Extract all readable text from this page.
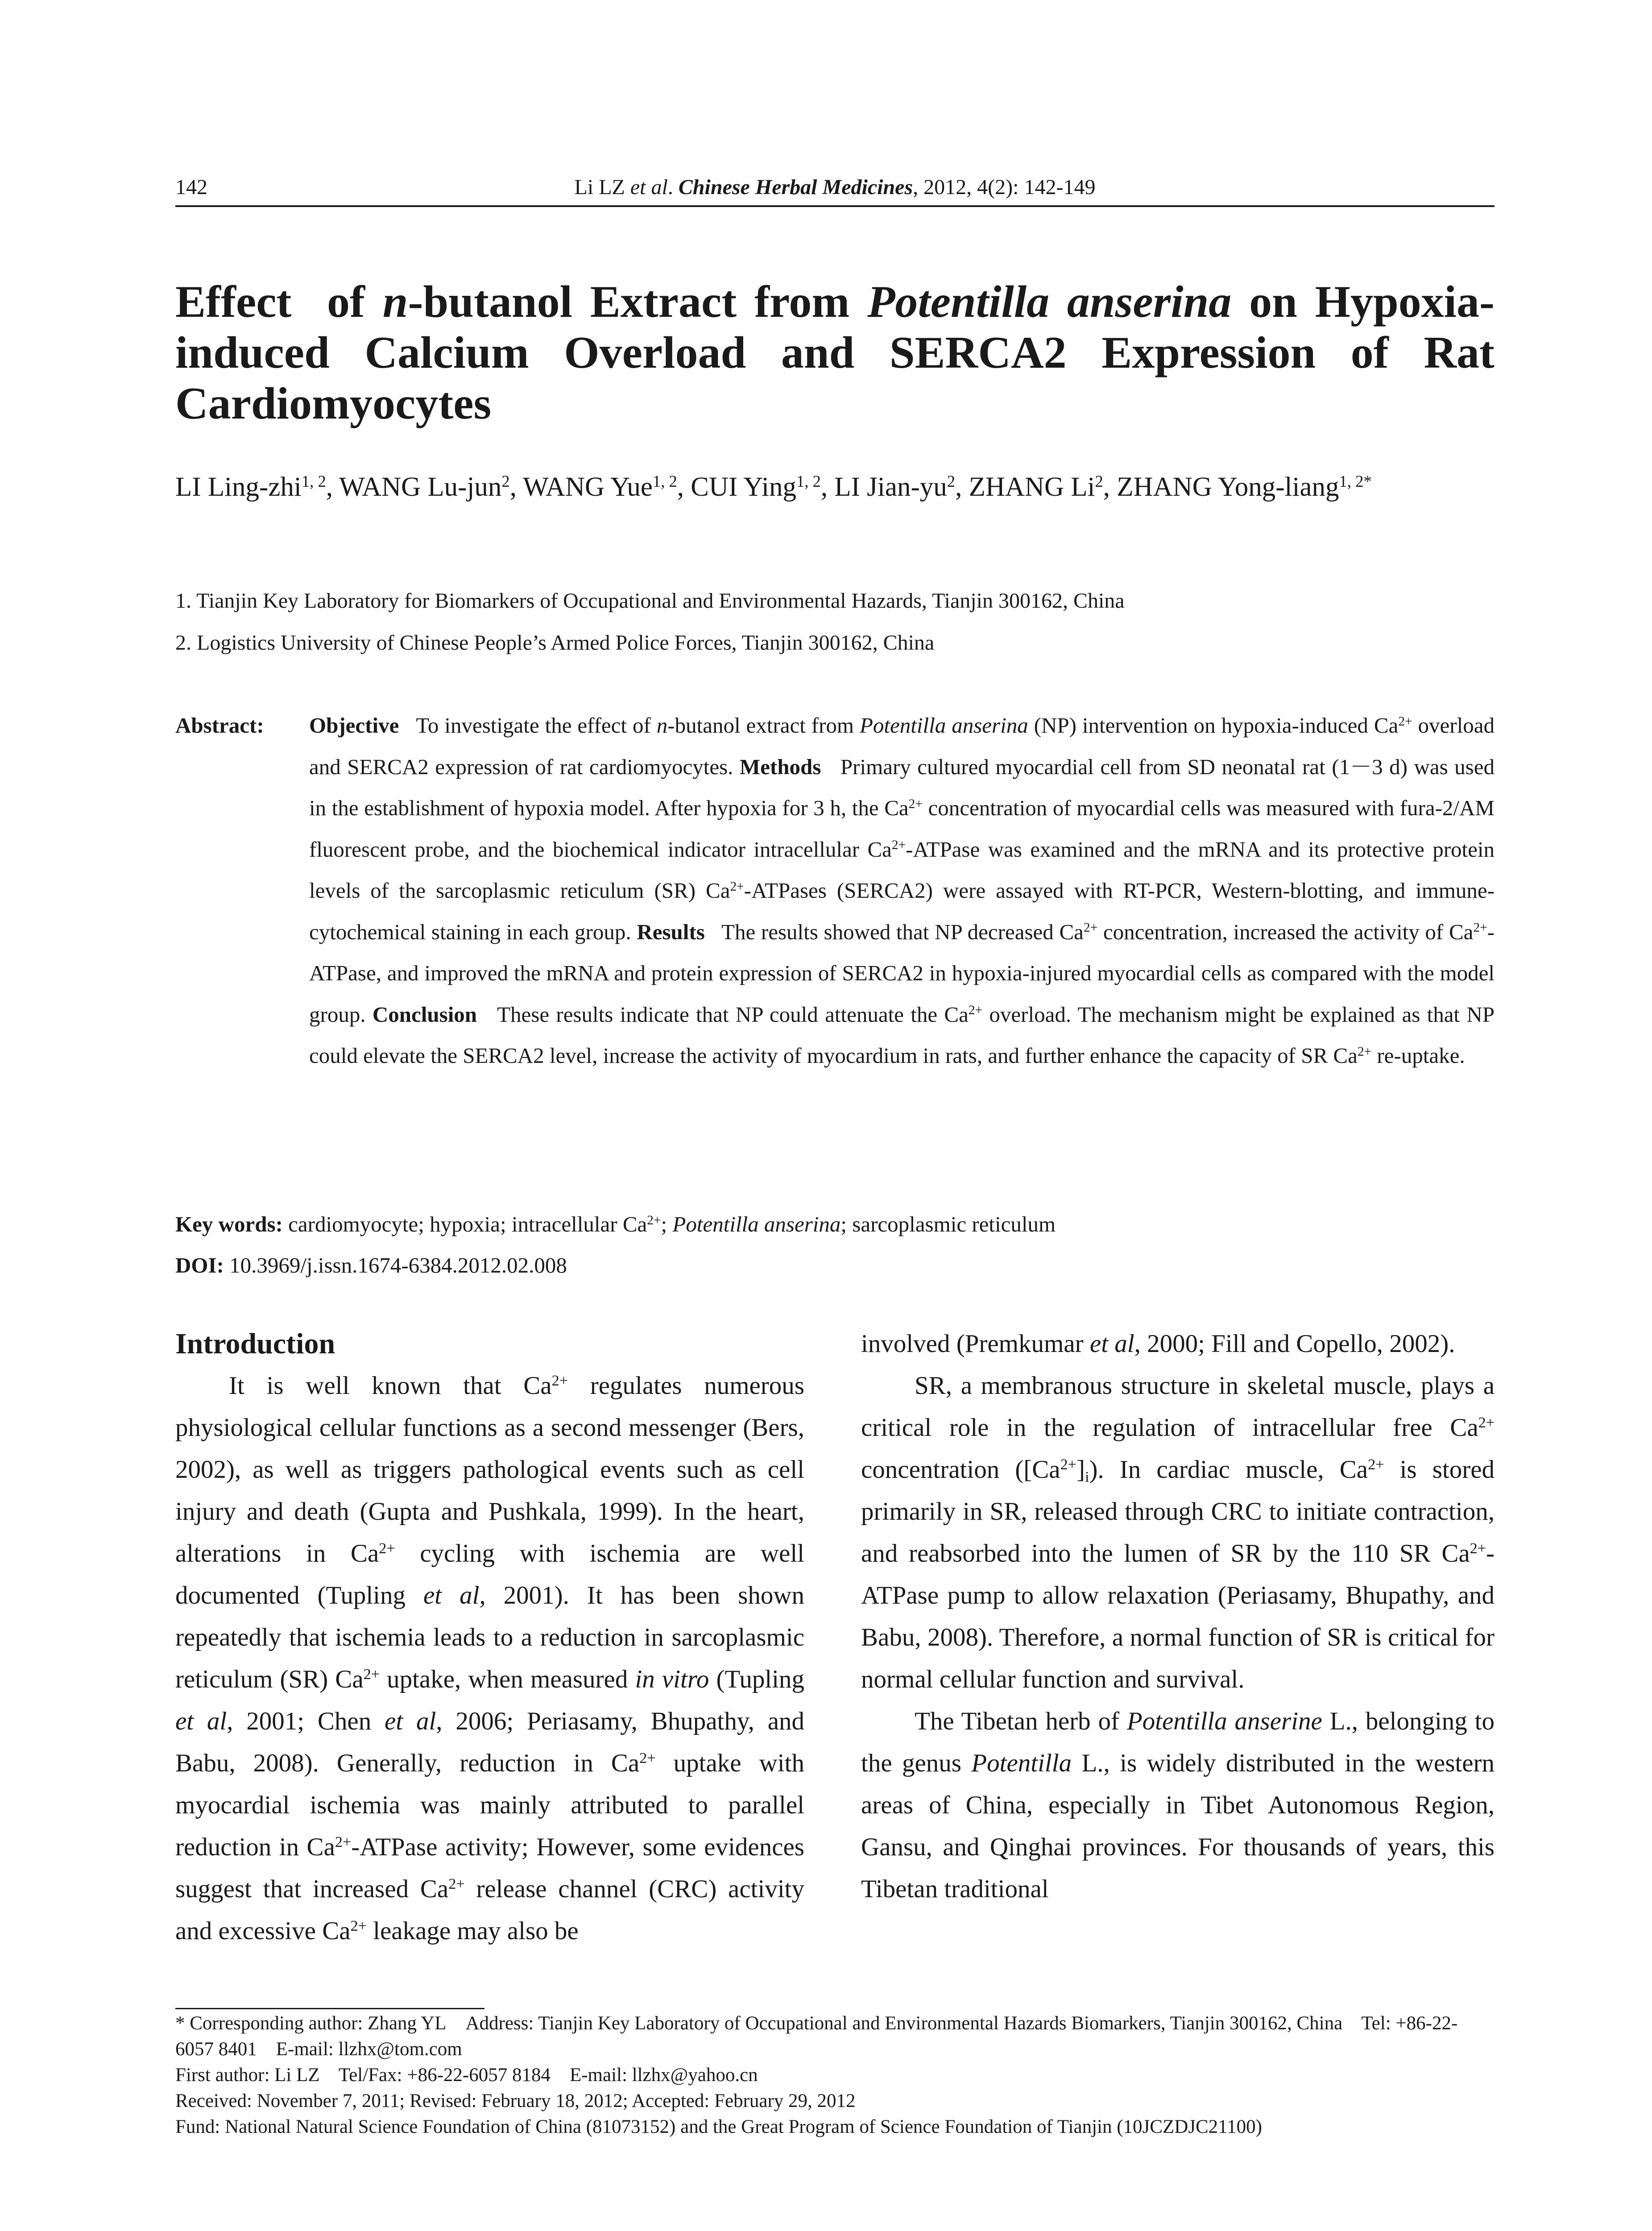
142	Li LZ et al. Chinese Herbal Medicines, 2012, 4(2): 142-149
Effect  of n-butanol Extract from Potentilla anserina on Hypoxia-
induced Calcium Overload and SERCA2 Expression of Rat
Cardiomyocytes
LI Ling-zhi$^{1, 2}$, WANG Lu-jun$^2$, WANG Yue$^{1, 2}$, CUI Ying$^{1, 2}$, LI Jian-$yu^2$, ZHANG Li$^2$, ZHANG Yong-liang$^{1, 2*}$
1. Tianjin Key Laboratory for Biomarkers of Occupational and Environmental Hazards, Tianjin 300162, China
2. Logistics University of Chinese People’s Armed Police Forces, Tianjin 300162, China
Abstract: Objective   To investigate the effect of n-butanol extract from Potentilla anserina (NP) intervention on hypoxia-induced $Ca^{2+}$ overload and SERCA2 expression of rat cardiomyocytes. Methods   Primary cultured myocardial cell from SD neonatal rat (1－3 d) was used in the establishment of hypoxia model. After hypoxia for 3 h, the $Ca^{2+}$ concentration of myocardial cells was measured with fura-2/AM fluorescent probe, and the biochemical indicator intracellular $Ca^{2+}$-ATPase was examined and the mRNA and its protective protein levels of the sarcoplasmic reticulum (SR) $Ca^{2+}$-ATPases (SERCA2) were assayed with RT-PCR, Western-blotting, and immune-cytochemical staining in each group. Results   The results showed that NP decreased $Ca^{2+}$ concentration, increased the activity of $Ca^{2+}$-ATPase, and improved the mRNA and protein expression of SERCA2 in hypoxia-injured myocardial cells as compared with the model group. Conclusion   These results indicate that NP could attenuate the $Ca^{2+}$ overload. The mechanism might be explained as that NP could elevate the SERCA2 level, increase the activity of myocardium in rats, and further enhance the capacity of SR $Ca^{2+}$ re-uptake.
Key words: cardiomyocyte; hypoxia; intracellular $Ca^{2+}$; Potentilla anserina; sarcoplasmic reticulum
DOI: 10.3969/j.issn.1674-6384.2012.02.008
Introduction

It is well known that $Ca^{2+}$ regulates numerous physiological cellular functions as a second messenger (Bers, 2002), as well as triggers pathological events such as cell injury and death (Gupta and Pushkala, 1999). In the heart, alterations in $Ca^{2+}$ cycling with ischemia are well documented (Tupling et al, 2001). It has been shown repeatedly that ischemia leads to a reduction in sarcoplasmic reticulum (SR) $Ca^{2+}$ uptake, when measured in vitro (Tupling et al, 2001; Chen et al, 2006; Periasamy, Bhupathy, and Babu, 2008). Generally, reduction in $Ca^{2+}$ uptake with myocardial ischemia was mainly attributed to parallel reduction in $Ca^{2+}$-ATPase activity; However, some evidences suggest that increased $Ca^{2+}$ release channel (CRC) activity and excessive $Ca^{2+}$ leakage may also be

involved (Premkumar et al, 2000; Fill and Copello, 2002).

SR, a membranous structure in skeletal muscle, plays a critical role in the regulation of intracellular free $Ca^{2+}$ concentration $([Ca^{2+}]_i)$. In cardiac muscle, $Ca^{2+}$ is stored primarily in SR, released through CRC to initiate contraction, and reabsorbed into the lumen of SR by the 110 SR $Ca^{2+}$-ATPase pump to allow relaxation (Periasamy, Bhupathy, and Babu, 2008). Therefore, a normal function of SR is critical for normal cellular function and survival.

The Tibetan herb of Potentilla anserine L., belonging to the genus Potentilla L., is widely distributed in the western areas of China, especially in Tibet Autonomous Region, Gansu, and Qinghai provinces. For thousands of years, this Tibetan traditional

* Corresponding author: Zhang YL    Address: Tianjin Key Laboratory of Occupational and Environmental Hazards Biomarkers, Tianjin 300162, China    Tel: +86-22-6057 8401    E-mail: llzhx@tom.com

First author: Li LZ    Tel/Fax: +86-22-6057 8184    E-mail: llzhx@yahoo.cn

Received: November 7, 2011; Revised: February 18, 2012; Accepted: February 29, 2012

Fund: National Natural Science Foundation of China (81073152) and the Great Program of Science Foundation of Tianjin (10JCZDJC21100)
